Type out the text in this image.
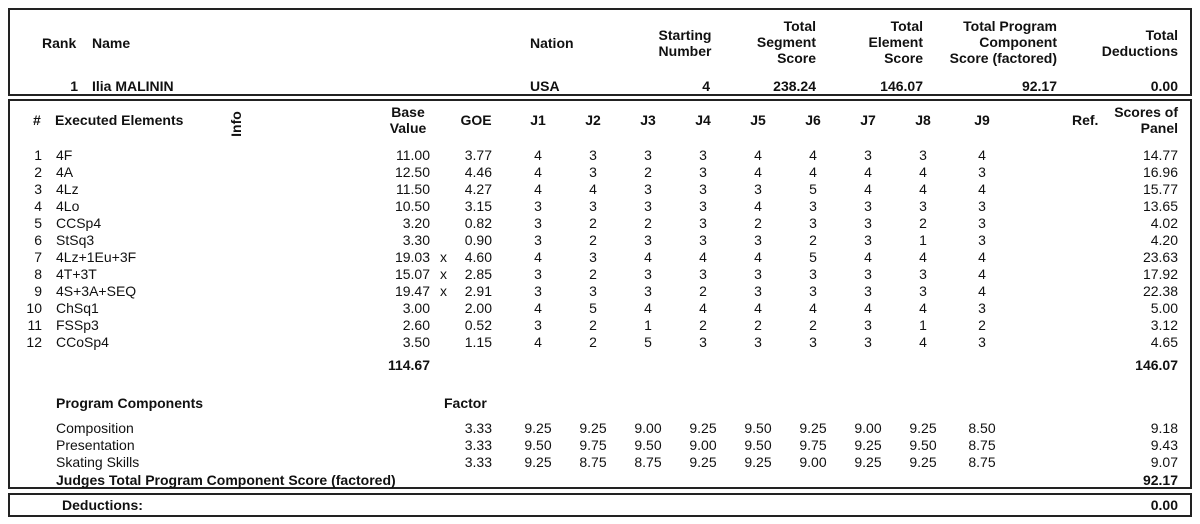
Rank Name	Nation	Starting
Number
Total
Segment
Score
Total
Element
Score
Total Program
Component
Score (factored)
Total
Deductions
1 Ilia MALININ	USA	4	238.24	146.07	92.17	0.00
# Executed Elements	Info	Base
Value	GOE	J1	J2	J3	J4	J5	J6	J7	J8	J9	Ref.	Scores of
Panel
1 4F	11.00	3.77	4	3	3	3	4	4	3	3	4	14.77
2 4A	12.50	4.46	4	3	2	3	4	4	4	4	3	16.96
3 4Lz	11.50	4.27	4	4	3	3	3	5	4	4	4	15.77
4 4Lo	10.50	3.15	3	3	3	3	4	3	3	3	3	13.65
5 CCSp4	3.20	0.82	3	2	2	3	2	3	3	2	3	4.02
6 StSq3	3.30	0.90	3	2	3	3	3	2	3	1	3	4.20
7 4Lz+1Eu+3F	19.03 x	4.60	4	3	4	4	4	5	4	4	4	23.63
8 4T+3T	15.07 x	2.85	3	2	3	3	3	3	3	3	4	17.92
9 4S+3A+SEQ	19.47 x	2.91	3	3	3	2	3	3	3	3	4	22.38
10 ChSq1	3.00	2.00	4	5	4	4	4	4	4	4	3	5.00
11 FSSp3	2.60	0.52	3	2	1	2	2	2	3	1	2	3.12
12 CCoSp4	3.50	1.15	4	2	5	3	3	3	3	4	3	4.65
114.67	146.07
Program Components	Factor
Composition	3.33	9.25	9.25	9.00	9.25	9.50	9.25	9.00	9.25	8.50	9.18
Presentation	3.33	9.50	9.75	9.50	9.00	9.50	9.75	9.25	9.50	8.75	9.43
Skating Skills	3.33	9.25	8.75	8.75	9.25	9.25	9.00	9.25	9.25	8.75	9.07
Judges Total Program Component Score (factored)	92.17
Deductions:	0.00
